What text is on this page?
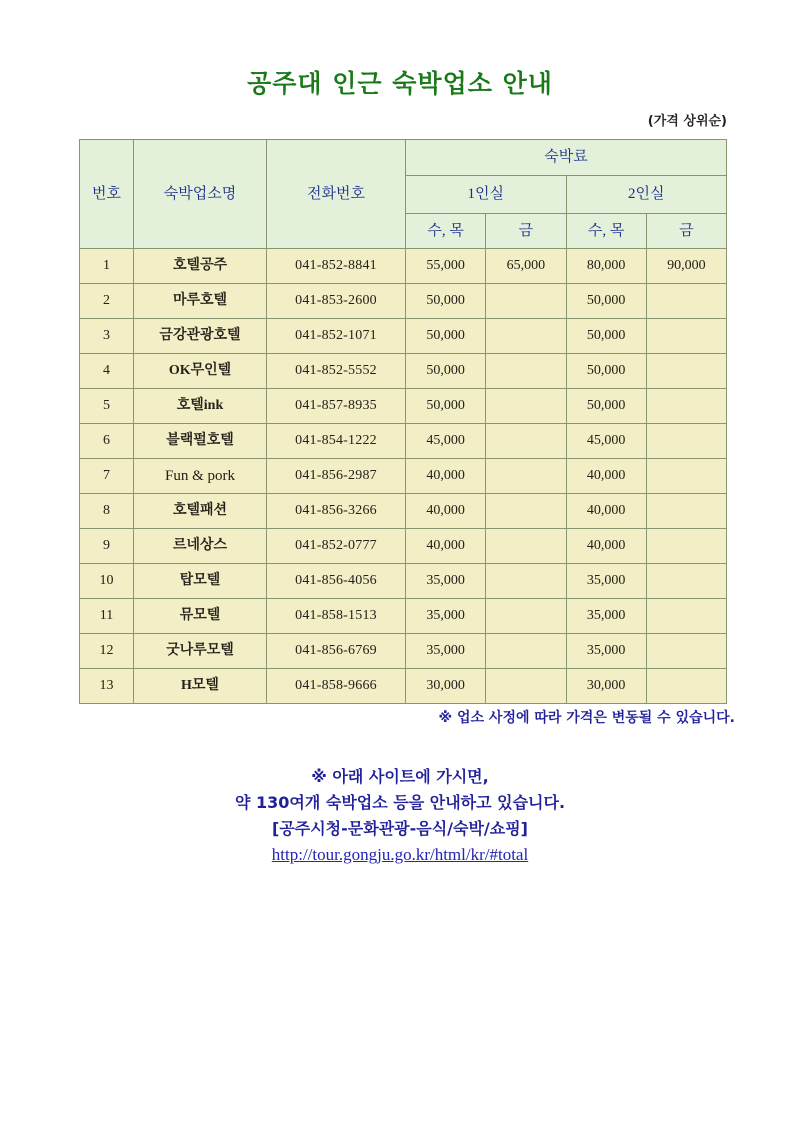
공주대 인근 숙박업소 안내
(가격 상위순)
번호	숙박업소명	전화번호	숙박료			
			1인실		2인실	
			수, 목	금	수, 목	금
1	호텔공주	041-852-8841	55,000	65,000	80,000	90,000
2	마루호텔	041-853-2600	50,000		50,000	
3	금강관광호텔	041-852-1071	50,000		50,000	
4	OK무인텔	041-852-5552	50,000		50,000	
5	호텔ink	041-857-8935	50,000		50,000	
6	블랙펄호텔	041-854-1222	45,000		45,000	
7	Fun & pork	041-856-2987	40,000		40,000	
8	호텔패션	041-856-3266	40,000		40,000	
9	르네상스	041-852-0777	40,000		40,000	
10	탑모텔	041-856-4056	35,000		35,000	
11	뮤모텔	041-858-1513	35,000		35,000	
12	굿나루모텔	041-856-6769	35,000		35,000	
13	H모텔	041-858-9666	30,000		30,000	
※ 업소 사정에 따라 가격은 변동될 수 있습니다.
※ 아래 사이트에 가시면,
약 130여개 숙박업소 등을 안내하고 있습니다.
[공주시청-문화관광-음식/숙박/쇼핑]
http://tour.gongju.go.kr/html/kr/#total
